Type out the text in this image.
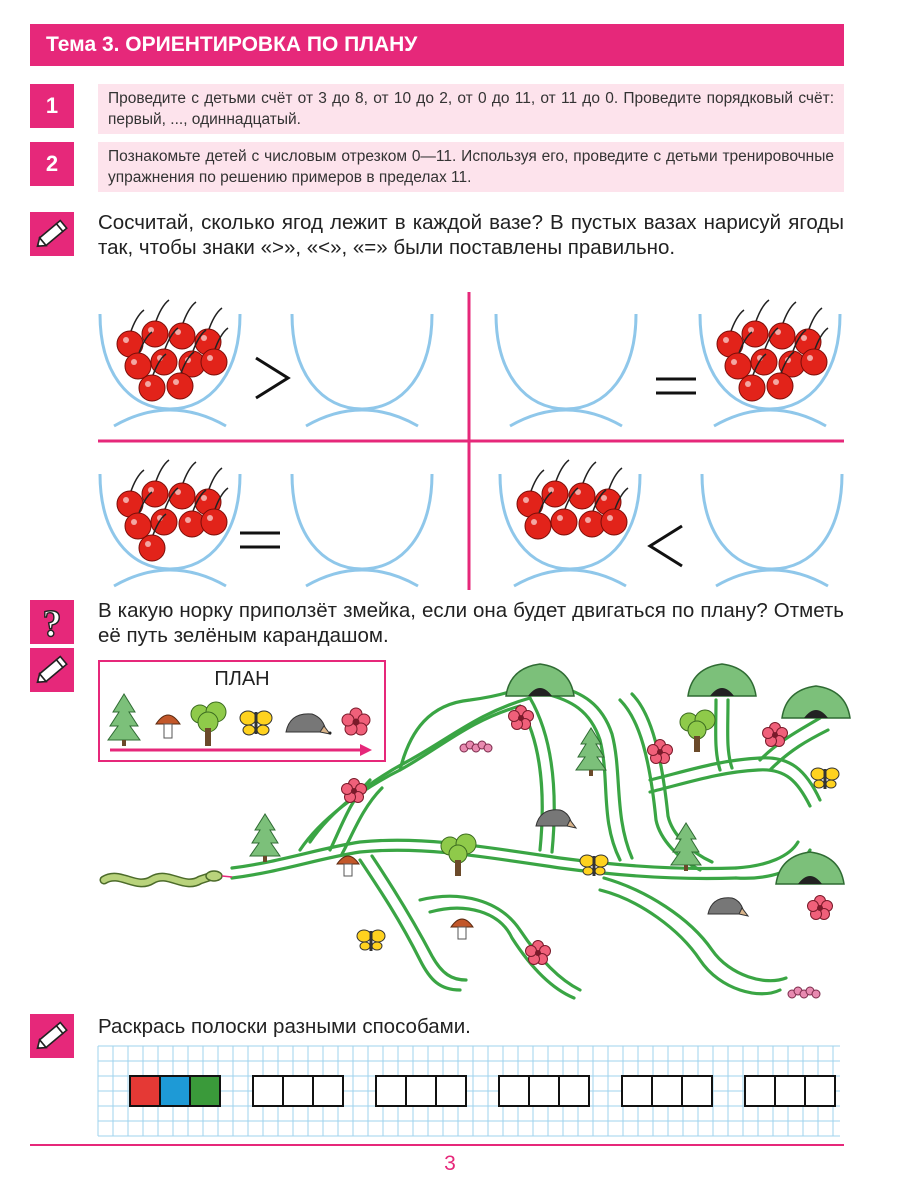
Тема 3. ОРИЕНТИРОВКА ПО ПЛАНУ
1	Проведите с детьми счёт от 3 до 8, от 10 до 2, от 0 до 11, от 11 до 0. Проведите порядковый счёт: первый, ..., одиннадцатый.
2	Познакомьте детей с числовым отрезком 0—11. Используя его, проведите с детьми тренировочные упражнения по решению примеров в пределах 11.
Сосчитай, сколько ягод лежит в каждой вазе? В пустых вазах нарисуй ягоды так, чтобы знаки «>», «<», «=» были поставлены правильно.
? В какую норку приползёт змейка, если она будет двигаться по плану? Отметь её путь зелёным карандашом.
ПЛАН
Раскрась полоски разными способами.
3
